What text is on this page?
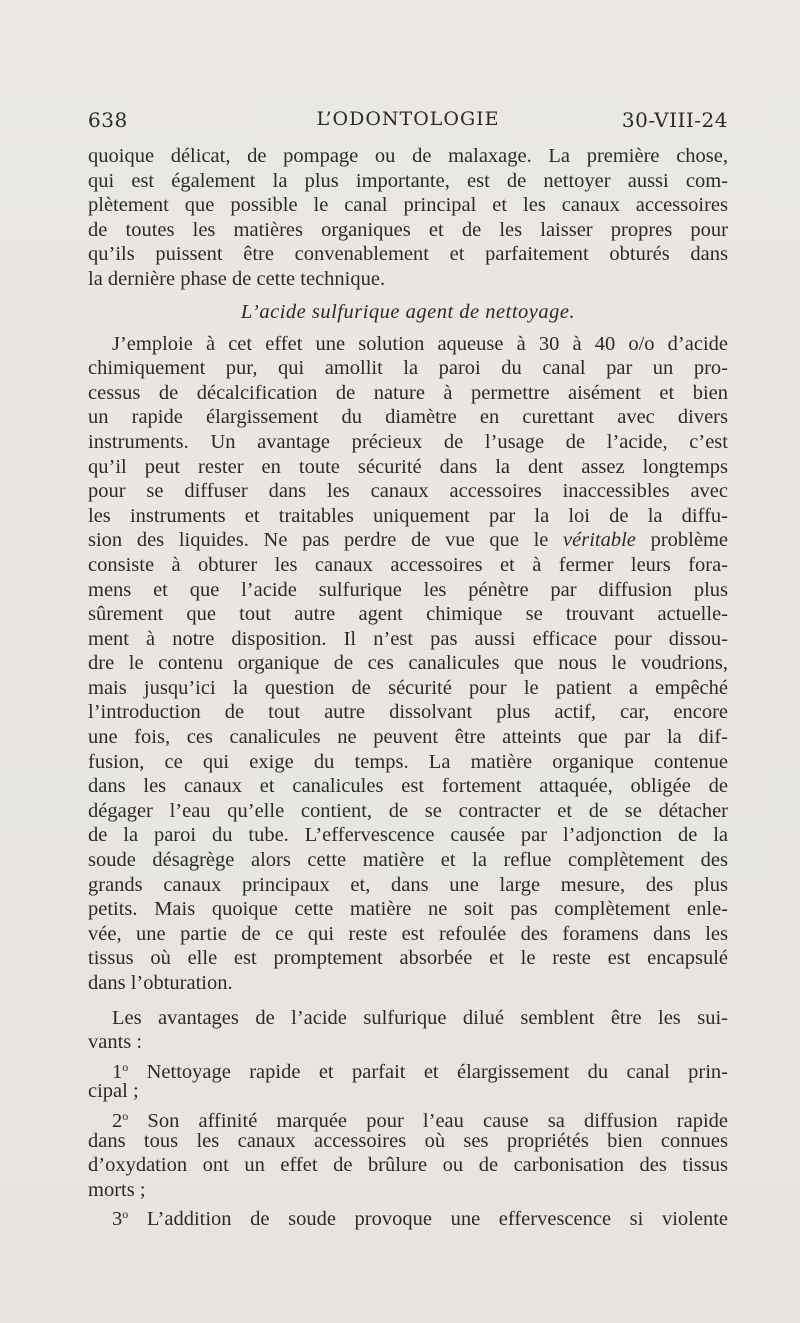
638	L’ODONTOLOGIE	30-VIII-24
quoique délicat, de pompage ou de malaxage. La première chose,
qui est également la plus importante, est de nettoyer aussi com-
plètement que possible le canal principal et les canaux accessoires
de toutes les matières organiques et de les laisser propres pour
qu’ils puissent être convenablement et parfaitement obturés dans
la dernière phase de cette technique.
L’acide sulfurique agent de nettoyage.
J’emploie à cet effet une solution aqueuse à 30 à 40 o/o d’acide
chimiquement pur, qui amollit la paroi du canal par un pro-
cessus de décalcification de nature à permettre aisément et bien
un rapide élargissement du diamètre en curettant avec divers
instruments. Un avantage précieux de l’usage de l’acide, c’est
qu’il peut rester en toute sécurité dans la dent assez longtemps
pour se diffuser dans les canaux accessoires inaccessibles avec
les instruments et traitables uniquement par la loi de la diffu-
sion des liquides. Ne pas perdre de vue que le véritable problème
consiste à obturer les canaux accessoires et à fermer leurs fora-
mens et que l’acide sulfurique les pénètre par diffusion plus
sûrement que tout autre agent chimique se trouvant actuelle-
ment à notre disposition. Il n’est pas aussi efficace pour dissou-
dre le contenu organique de ces canalicules que nous le voudrions,
mais jusqu’ici la question de sécurité pour le patient a empêché
l’introduction de tout autre dissolvant plus actif, car, encore
une fois, ces canalicules ne peuvent être atteints que par la dif-
fusion, ce qui exige du temps. La matière organique contenue
dans les canaux et canalicules est fortement attaquée, obligée de
dégager l’eau qu’elle contient, de se contracter et de se détacher
de la paroi du tube. L’effervescence causée par l’adjonction de la
soude désagrège alors cette matière et la reflue complètement des
grands canaux principaux et, dans une large mesure, des plus
petits. Mais quoique cette matière ne soit pas complètement enle-
vée, une partie de ce qui reste est refoulée des foramens dans les
tissus où elle est promptement absorbée et le reste est encapsulé
dans l’obturation.
Les avantages de l’acide sulfurique dilué semblent être les sui-
vants :
1$^o$ Nettoyage rapide et parfait et élargissement du canal prin-
cipal ;
2$^o$ Son affinité marquée pour l’eau cause sa diffusion rapide
dans tous les canaux accessoires où ses propriétés bien connues
d’oxydation ont un effet de brûlure ou de carbonisation des tissus
morts ;
3$^o$ L’addition de soude provoque une effervescence si violente
